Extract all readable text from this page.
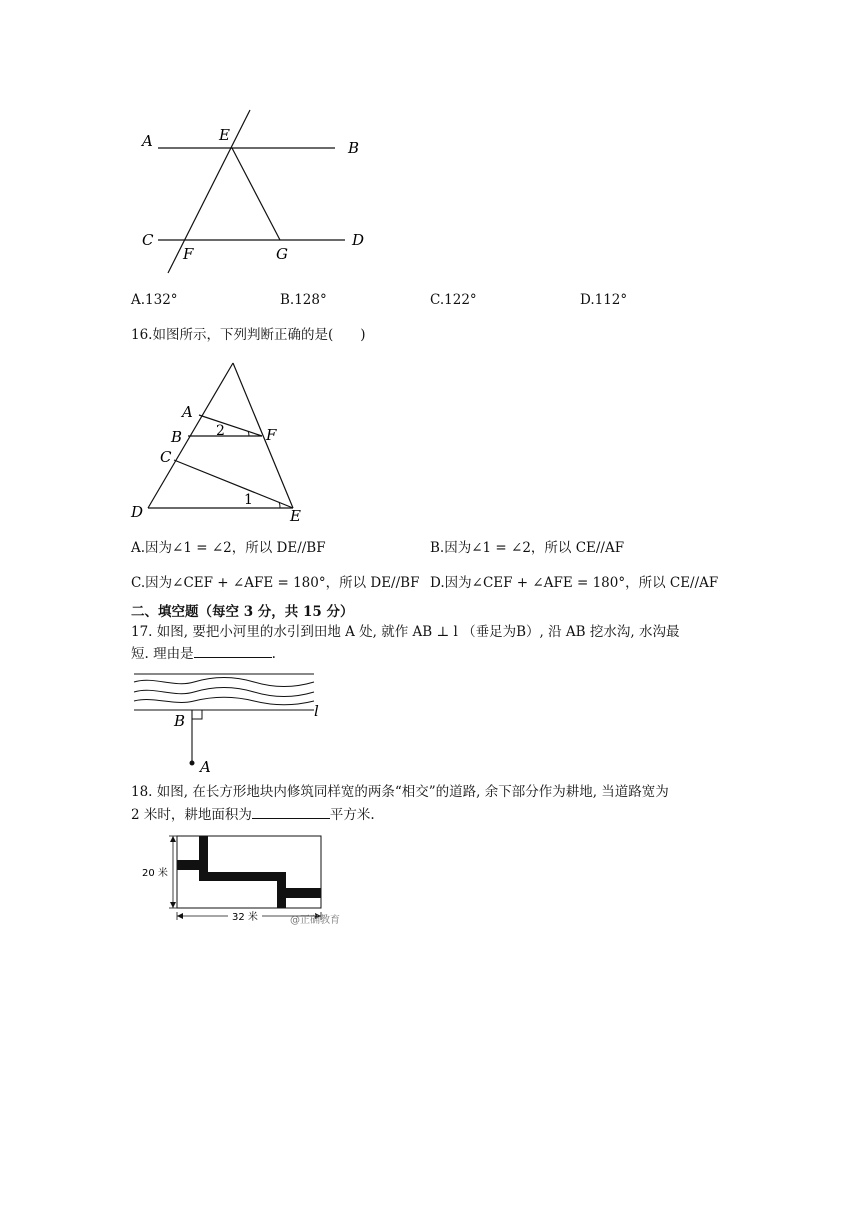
A	E
B
C
F	G
D
A.132°	B.128°	C.122°	D.112°
16.如图所示，下列判断正确的是(　　)
A
2
B	F
C
1
D	E
A.因为∠1 = ∠2，所以 DE//BF	B.因为∠1 = ∠2，所以 CE//AF
C.因为∠CEF + ∠AFE = 180°，所以 DE//BF D.因为∠CEF + ∠AFE = 180°，所以 CE//AF
二、填空题（每空 3 分，共 15 分）
17. 如图, 要把小河里的水引到田地 A 处, 就作 AB ⊥ l （垂足为B）, 沿 AB 挖水沟, 水沟最
短. 理由是	.
l
B
A
18. 如图, 在长方形地块内修筑同样宽的两条“相交”的道路, 余下部分作为耕地, 当道路宽为
2 米时，耕地面积为	平方米.
20 米
32 米	@正确教育
